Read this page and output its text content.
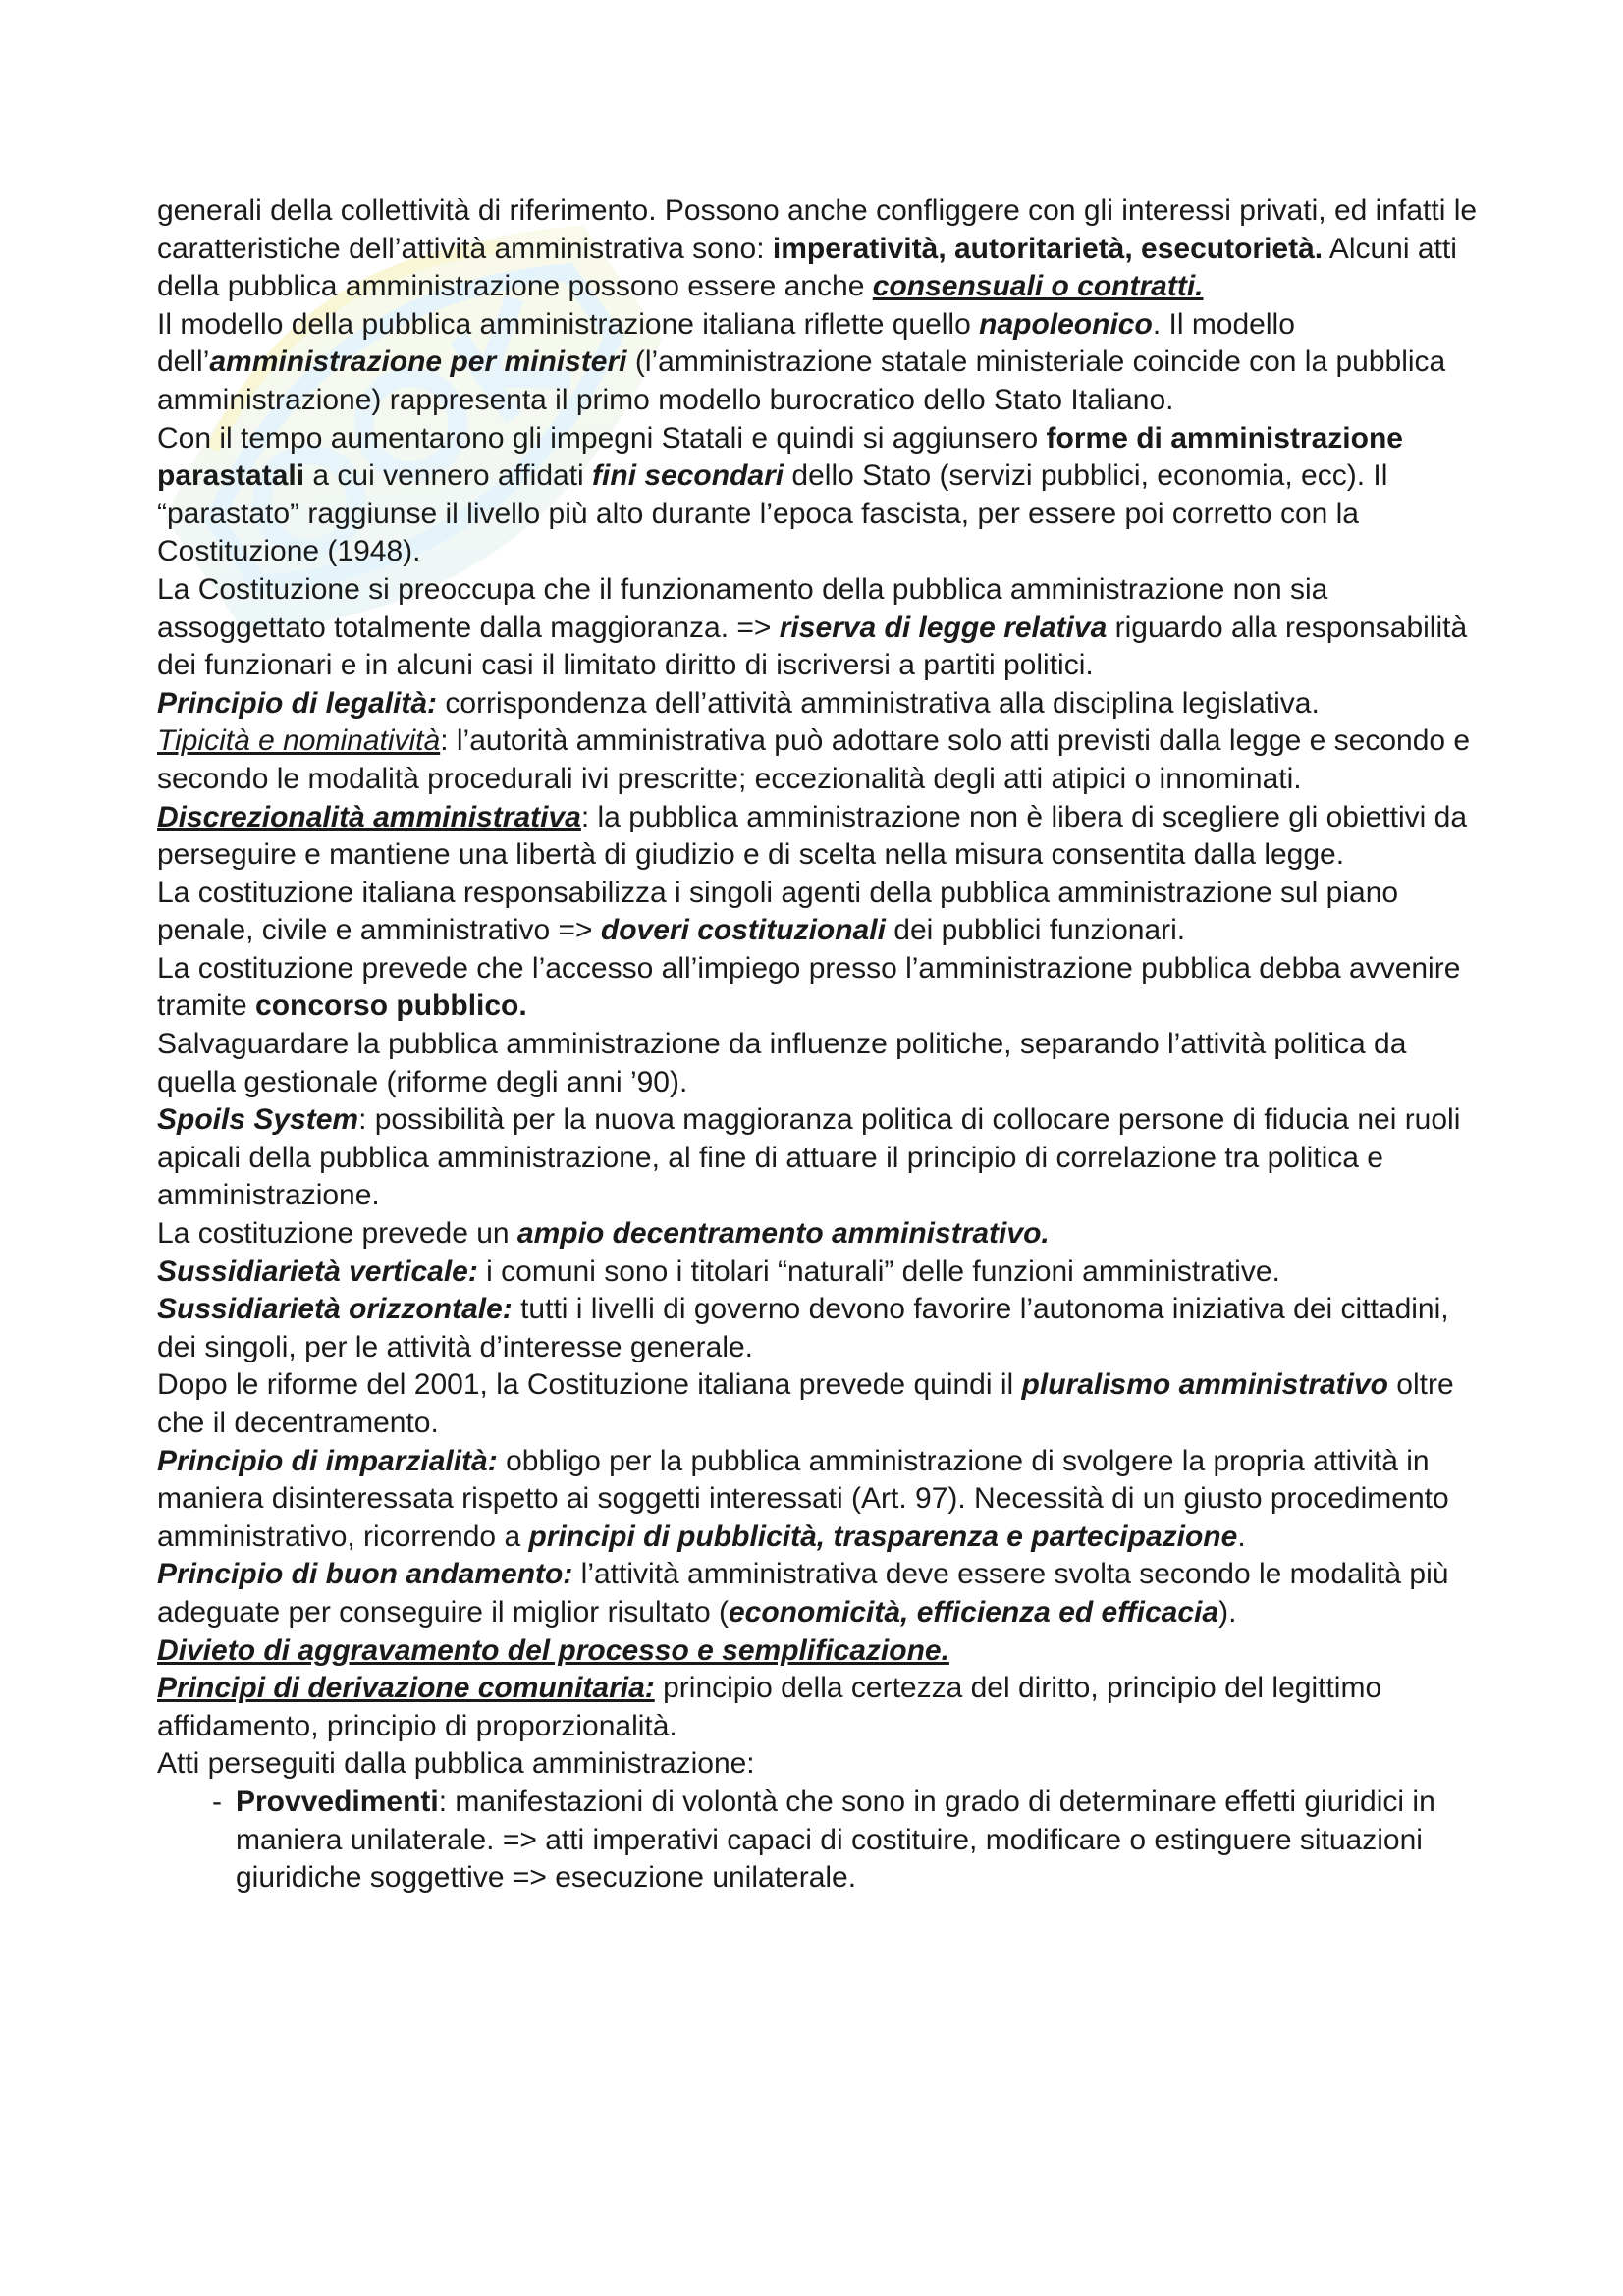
generali della collettività di riferimento. Possono anche confliggere con gli interessi privati, ed infatti le caratteristiche dell’attività amministrativa sono: imperatività, autoritarietà, esecutorietà. Alcuni atti della pubblica amministrazione possono essere anche consensuali o contratti.

Il modello della pubblica amministrazione italiana riflette quello napoleonico. Il modello dell’amministrazione per ministeri (l’amministrazione statale ministeriale coincide con la pubblica amministrazione) rappresenta il primo modello burocratico dello Stato Italiano.

Con il tempo aumentarono gli impegni Statali e quindi si aggiunsero forme di amministrazione parastatali a cui vennero affidati fini secondari dello Stato (servizi pubblici, economia, ecc). Il “parastato” raggiunse il livello più alto durante l’epoca fascista, per essere poi corretto con la Costituzione (1948).

La Costituzione si preoccupa che il funzionamento della pubblica amministrazione non sia assoggettato totalmente dalla maggioranza. => riserva di legge relativa riguardo alla responsabilità dei funzionari e in alcuni casi il limitato diritto di iscriversi a partiti politici.

Principio di legalità: corrispondenza dell’attività amministrativa alla disciplina legislativa.

Tipicità e nominatività: l’autorità amministrativa può adottare solo atti previsti dalla legge e secondo e secondo le modalità procedurali ivi prescritte; eccezionalità degli atti atipici o innominati.

Discrezionalità amministrativa: la pubblica amministrazione non è libera di scegliere gli obiettivi da perseguire e mantiene una libertà di giudizio e di scelta nella misura consentita dalla legge.

La costituzione italiana responsabilizza i singoli agenti della pubblica amministrazione sul piano penale, civile e amministrativo => doveri costituzionali dei pubblici funzionari.

La costituzione prevede che l’accesso all’impiego presso l’amministrazione pubblica debba avvenire tramite concorso pubblico.

Salvaguardare la pubblica amministrazione da influenze politiche, separando l’attività politica da quella gestionale (riforme degli anni ’90).

Spoils System: possibilità per la nuova maggioranza politica di collocare persone di fiducia nei ruoli apicali della pubblica amministrazione, al fine di attuare il principio di correlazione tra politica e amministrazione.

La costituzione prevede un ampio decentramento amministrativo.

Sussidiarietà verticale: i comuni sono i titolari “naturali” delle funzioni amministrative.

Sussidiarietà orizzontale: tutti i livelli di governo devono favorire l’autonoma iniziativa dei cittadini, dei singoli, per le attività d’interesse generale.

Dopo le riforme del 2001, la Costituzione italiana prevede quindi il pluralismo amministrativo oltre che il decentramento.

Principio di imparzialità: obbligo per la pubblica amministrazione di svolgere la propria attività in maniera disinteressata rispetto ai soggetti interessati (Art. 97). Necessità di un giusto procedimento amministrativo, ricorrendo a principi di pubblicità, trasparenza e partecipazione.

Principio di buon andamento: l’attività amministrativa deve essere svolta secondo le modalità più adeguate per conseguire il miglior risultato (economicità, efficienza ed efficacia).

Divieto di aggravamento del processo e semplificazione.

Principi di derivazione comunitaria: principio della certezza del diritto, principio del legittimo affidamento, principio di proporzionalità.

Atti perseguiti dalla pubblica amministrazione:

- Provvedimenti: manifestazioni di volontà che sono in grado di determinare effetti giuridici in maniera unilaterale. => atti imperativi capaci di costituire, modificare o estinguere situazioni giuridiche soggettive => esecuzione unilaterale.
